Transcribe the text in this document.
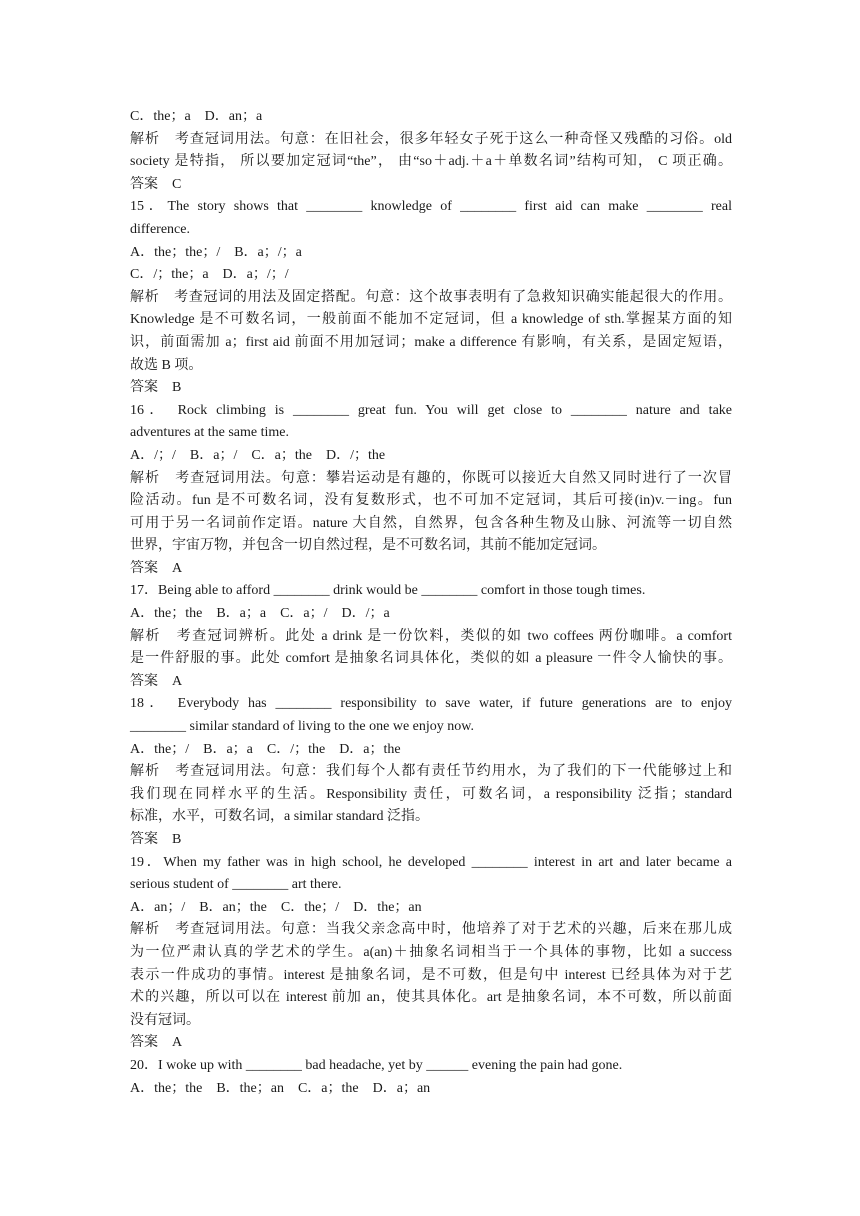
C．the；a　D．an；a
解析　考查冠词用法。句意：在旧社会，很多年轻女子死于这么一种奇怪又残酷的习俗。old
society 是特指， 所以要加定冠词“the”， 由“so＋adj.＋a＋单数名词”结构可知， C 项正确。
答案　C
15．The story shows that ________ knowledge of ________ first aid can make ________ real
difference.
A．the；the；/　B．a；/；a
C．/；the；a　D．a；/；/
解析　考查冠词的用法及固定搭配。句意：这个故事表明有了急救知识确实能起很大的作用。
Knowledge 是不可数名词，一般前面不能加不定冠词，但 a knowledge of sth.掌握某方面的知
识，前面需加 a；first aid 前面不用加冠词；make a difference 有影响，有关系，是固定短语，
故选 B 项。
答案　B
16． Rock climbing is ________ great fun. You will get close to ________ nature and take
adventures at the same time.
A．/；/　B．a；/　C．a；the　D．/；the
解析　考查冠词用法。句意：攀岩运动是有趣的，你既可以接近大自然又同时进行了一次冒
险活动。fun 是不可数名词，没有复数形式，也不可加不定冠词，其后可接(in)v.－ing。fun
可用于另一名词前作定语。nature 大自然，自然界，包含各种生物及山脉、河流等一切自然
世界，宇宙万物，并包含一切自然过程，是不可数名词，其前不能加定冠词。
答案　A
17．Being able to afford ________ drink would be ________ comfort in those tough times.
A．the；the　B．a；a　C．a；/　D．/；a
解析　考查冠词辨析。此处 a drink 是一份饮料，类似的如 two coffees 两份咖啡。a comfort
是一件舒服的事。此处 comfort 是抽象名词具体化，类似的如 a pleasure 一件令人愉快的事。
答案　A
18． Everybody has ________ responsibility to save water, if future generations are to enjoy
________ similar standard of living to the one we enjoy now.
A．the；/　B．a；a　C．/；the　D．a；the
解析　考查冠词用法。句意：我们每个人都有责任节约用水，为了我们的下一代能够过上和
我们现在同样水平的生活。Responsibility 责任，可数名词，a responsibility 泛指；standard
标准，水平，可数名词，a similar standard 泛指。
答案　B
19．When my father was in high school, he developed ________ interest in art and later became a
serious student of ________ art there.
A．an；/　B．an；the　C．the；/　D．the；an
解析　考查冠词用法。句意：当我父亲念高中时，他培养了对于艺术的兴趣，后来在那儿成
为一位严肃认真的学艺术的学生。a(an)＋抽象名词相当于一个具体的事物，比如 a success
表示一件成功的事情。interest 是抽象名词，是不可数，但是句中 interest 已经具体为对于艺
术的兴趣，所以可以在 interest 前加 an，使其具体化。art 是抽象名词，本不可数，所以前面
没有冠词。
答案　A
20．I woke up with ________ bad headache, yet by ______ evening the pain had gone.
A．the；the　B．the；an　C．a；the　D．a；an
